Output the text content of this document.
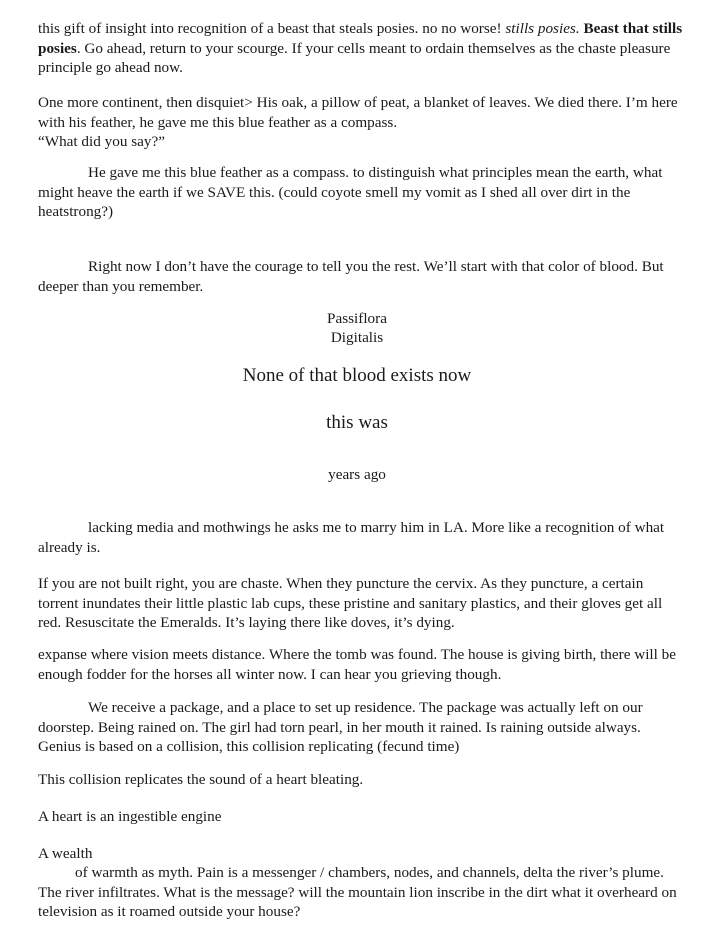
this gift of insight into recognition of a beast that steals posies. no no worse! stills posies. Beast that stills posies. Go ahead, return to your scourge. If your cells meant to ordain themselves as the chaste pleasure principle go ahead now.

One more continent, then disquiet> His oak, a pillow of peat, a blanket of leaves. We died there. I’m here with his feather, he gave me this blue feather as a compass.
“What did you say?”

He gave me this blue feather as a compass. to distinguish what principles mean the earth, what might heave the earth if we SAVE this. (could coyote smell my vomit as I shed all over dirt in the heatstrong?)

Right now I don’t have the courage to tell you the rest. We’ll start with that color of blood. But deeper than you remember.

Passiflora

Digitalis

None of that blood exists now

this was

years ago

lacking media and mothwings he asks me to marry him in LA. More like a recognition of what already is.

If you are not built right, you are chaste. When they puncture the cervix. As they puncture, a certain torrent inundates their little plastic lab cups, these pristine and sanitary plastics, and their gloves get all red. Resuscitate the Emeralds. It’s laying there like doves, it’s dying.

expanse where vision meets distance. Where the tomb was found. The house is giving birth, there will be enough fodder for the horses all winter now. I can hear you grieving though.

We receive a package, and a place to set up residence. The package was actually left on our doorstep. Being rained on. The girl had torn pearl, in her mouth it rained. Is raining outside always. Genius is based on a collision, this collision replicating (fecund time)

This collision replicates the sound of a heart bleating.

A heart is an ingestible engine

A wealth

of warmth as myth. Pain is a messenger / chambers, nodes, and channels, delta the river’s plume. The river infiltrates. What is the message? will the mountain lion inscribe in the dirt what it overheard on television as it roamed outside your house?
